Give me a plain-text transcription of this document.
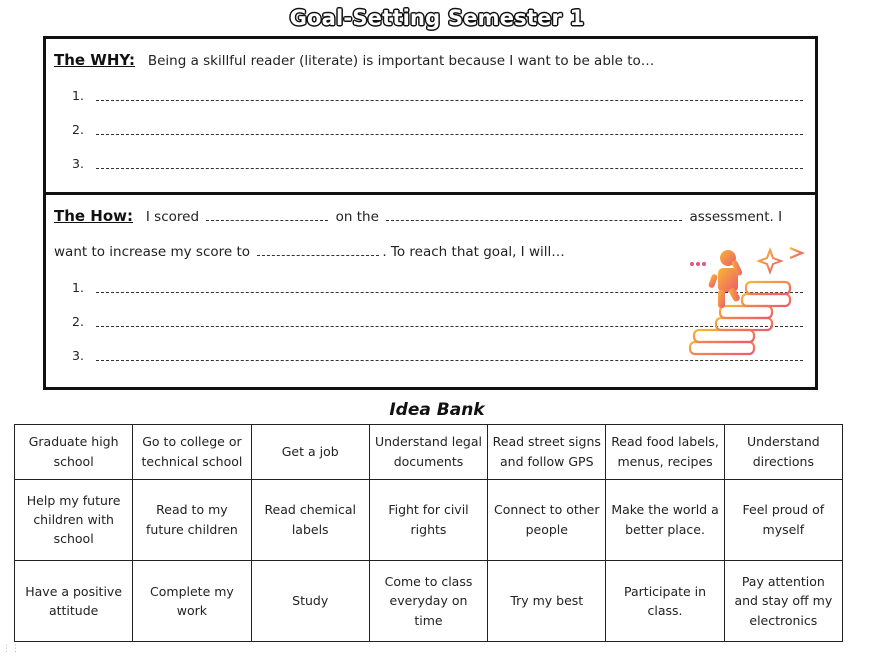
Goal-Setting Semester 1
The WHY: Being a skillful reader (literate) is important because I want to be able to…
1.
2.
3.
The How: I scored	on the	assessment. I
want to increase my score to	. To reach that goal, I will…
1.
2.
3.
Idea Bank
Graduate high school	Go to college or technical school	Get a job	Understand legal documents	Read street signs and follow GPS	Read food labels, menus, recipes	Understand directions
Help my future children with school	Read to my future children	Read chemical labels	Fight for civil rights	Connect to other people	Make the world a better place.	Feel proud of myself
Have a positive attitude	Complete my work	Study	Come to class everyday on time	Try my best	Participate in class.	Pay attention and stay off my electronics
⋮⋮
